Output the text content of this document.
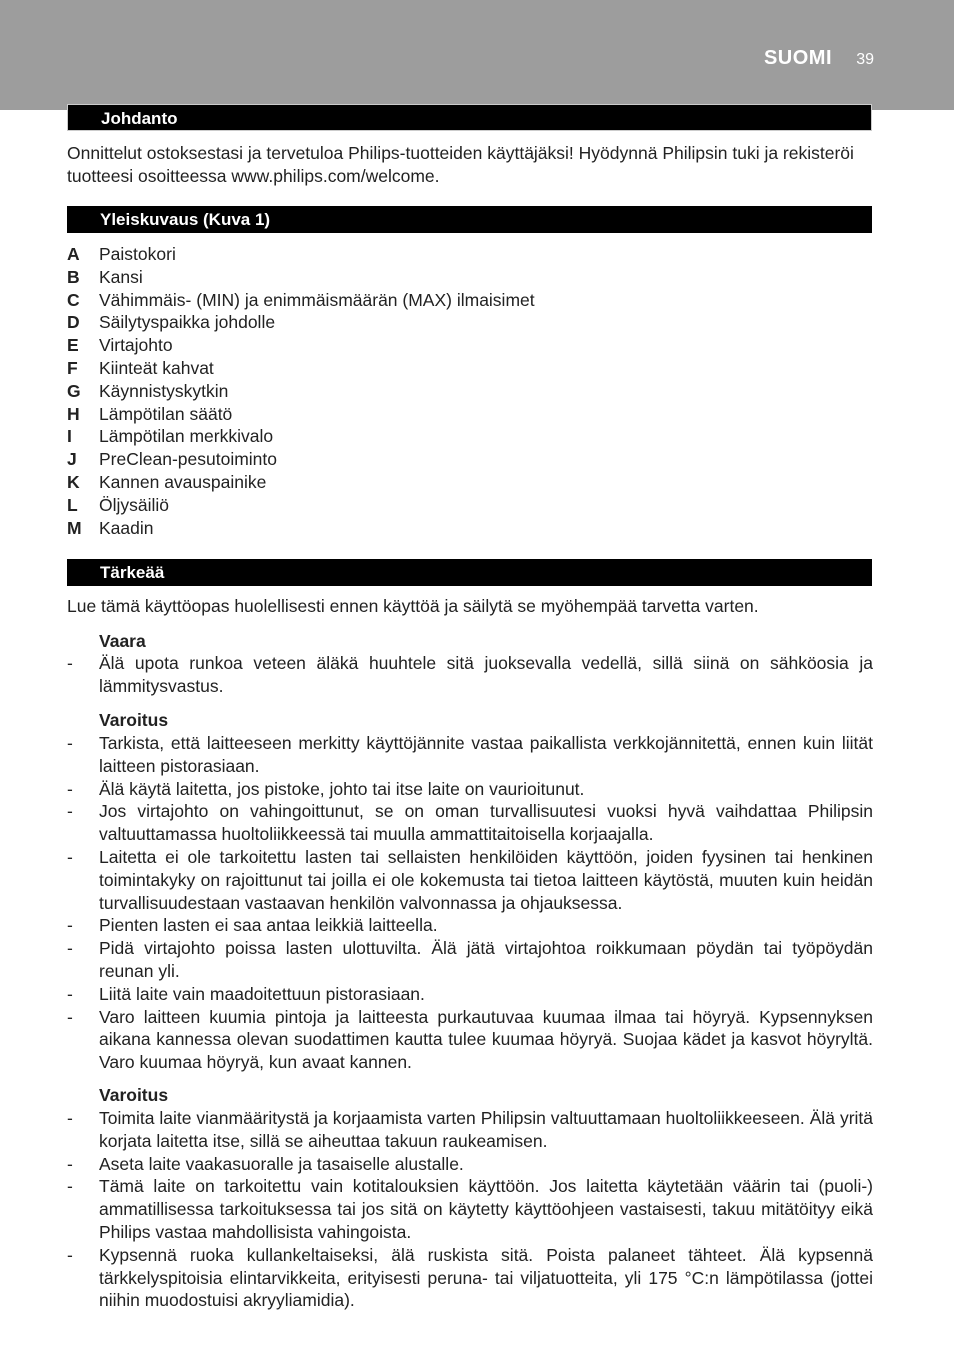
SUOMI 39
Johdanto
Onnittelut ostoksestasi ja tervetuloa Philips-tuotteiden käyttäjäksi! Hyödynnä Philipsin tuki ja rekisteröi tuotteesi osoitteessa www.philips.com/welcome.
Yleiskuvaus (Kuva 1)
A	Paistokori
B	Kansi
C	Vähimmäis- (MIN) ja enimmäismäärän (MAX) ilmaisimet
D	Säilytyspaikka johdolle
E	Virtajohto
F	Kiinteät kahvat
G	Käynnistyskytkin
H	Lämpötilan säätö
I	Lämpötilan merkkivalo
J	PreClean-pesutoiminto
K	Kannen avauspainike
L	Öljysäiliö
M Kaadin
Tärkeää
Lue tämä käyttöopas huolellisesti ennen käyttöä ja säilytä se myöhempää tarvetta varten.
Vaara
-	Älä upota runkoa veteen äläkä huuhtele sitä juoksevalla vedellä, sillä siinä on sähköosia ja lämmitysvastus.
Varoitus
-	Tarkista, että laitteeseen merkitty käyttöjännite vastaa paikallista verkkojännitettä, ennen kuin liität laitteen pistorasiaan.
-	Älä käytä laitetta, jos pistoke, johto tai itse laite on vaurioitunut.
-	Jos virtajohto on vahingoittunut, se on oman turvallisuutesi vuoksi hyvä vaihdattaa Philipsin valtuuttamassa huoltoliikkeessä tai muulla ammattitaitoisella korjaajalla.
-	Laitetta ei ole tarkoitettu lasten tai sellaisten henkilöiden käyttöön, joiden fyysinen tai henkinen toimintakyky on rajoittunut tai joilla ei ole kokemusta tai tietoa laitteen käytöstä, muuten kuin heidän turvallisuudestaan vastaavan henkilön valvonnassa ja ohjauksessa.
-	Pienten lasten ei saa antaa leikkiä laitteella.
-	Pidä virtajohto poissa lasten ulottuvilta. Älä jätä virtajohtoa roikkumaan pöydän tai työpöydän reunan yli.
-	Liitä laite vain maadoitettuun pistorasiaan.
-	Varo laitteen kuumia pintoja ja laitteesta purkautuvaa kuumaa ilmaa tai höyryä. Kypsennyksen aikana kannessa olevan suodattimen kautta tulee kuumaa höyryä. Suojaa kädet ja kasvot höyryltä. Varo kuumaa höyryä, kun avaat kannen.
Varoitus
-	Toimita laite vianmääritystä ja korjaamista varten Philipsin valtuuttamaan huoltoliikkeeseen. Älä yritä korjata laitetta itse, sillä se aiheuttaa takuun raukeamisen.
-	Aseta laite vaakasuoralle ja tasaiselle alustalle.
-	Tämä laite on tarkoitettu vain kotitalouksien käyttöön. Jos laitetta käytetään väärin tai (puoli-) ammatillisessa tarkoituksessa tai jos sitä on käytetty käyttöohjeen vastaisesti, takuu mitätöityy eikä Philips vastaa mahdollisista vahingoista.
-	Kypsennä ruoka kullankeltaiseksi, älä ruskista sitä. Poista palaneet tähteet. Älä kypsennä tärkkelyspitoisia elintarvikkeita, erityisesti peruna- tai viljatuotteita, yli 175 °C:n lämpötilassa (jottei niihin muodostuisi akryyliamidia).
